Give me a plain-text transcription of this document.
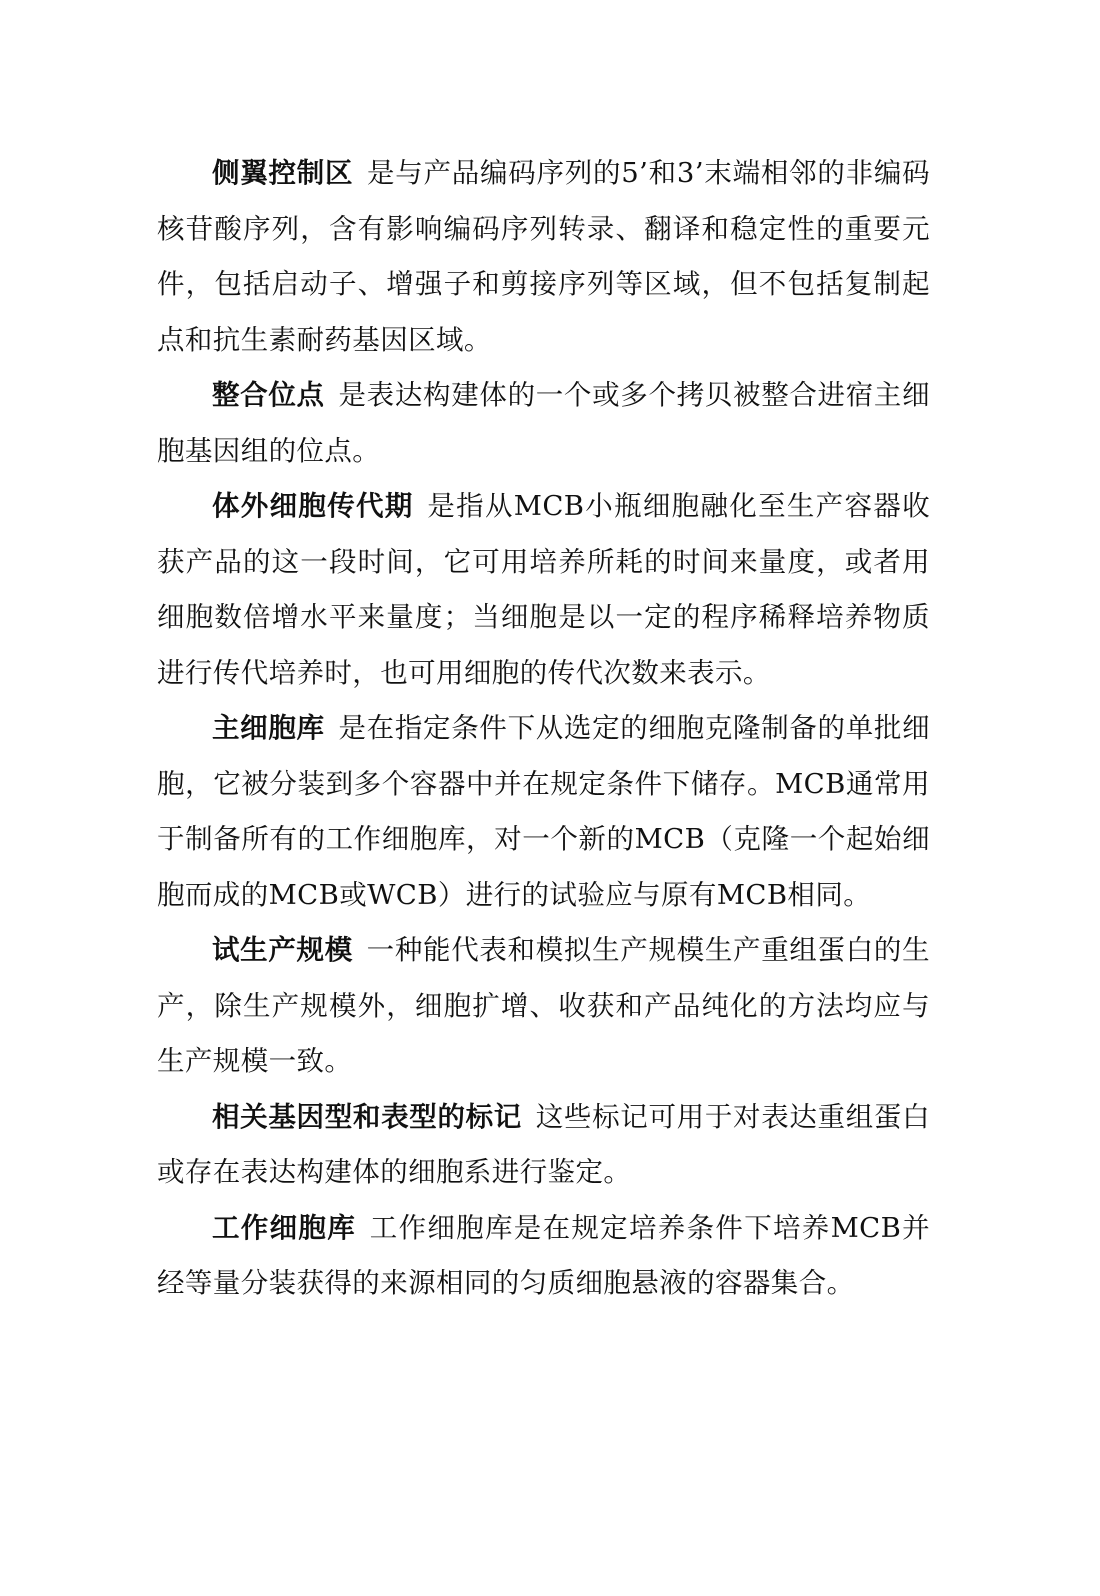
侧翼控制区 是与产品编码序列的5’和3’末端相邻的非编码核苷酸序列，含有影响编码序列转录、翻译和稳定性的重要元件，包括启动子、增强子和剪接序列等区域，但不包括复制起点和抗生素耐药基因区域。

整合位点 是表达构建体的一个或多个拷贝被整合进宿主细胞基因组的位点。

体外细胞传代期 是指从MCB小瓶细胞融化至生产容器收获产品的这一段时间，它可用培养所耗的时间来量度，或者用细胞数倍增水平来量度；当细胞是以一定的程序稀释培养物质进行传代培养时，也可用细胞的传代次数来表示。

主细胞库 是在指定条件下从选定的细胞克隆制备的单批细胞，它被分装到多个容器中并在规定条件下储存。MCB通常用于制备所有的工作细胞库，对一个新的MCB（克隆一个起始细胞而成的MCB或WCB）进行的试验应与原有MCB相同。

试生产规模 一种能代表和模拟生产规模生产重组蛋白的生产，除生产规模外，细胞扩增、收获和产品纯化的方法均应与生产规模一致。

相关基因型和表型的标记 这些标记可用于对表达重组蛋白或存在表达构建体的细胞系进行鉴定。

工作细胞库 工作细胞库是在规定培养条件下培养MCB并经等量分装获得的来源相同的匀质细胞悬液的容器集合。
